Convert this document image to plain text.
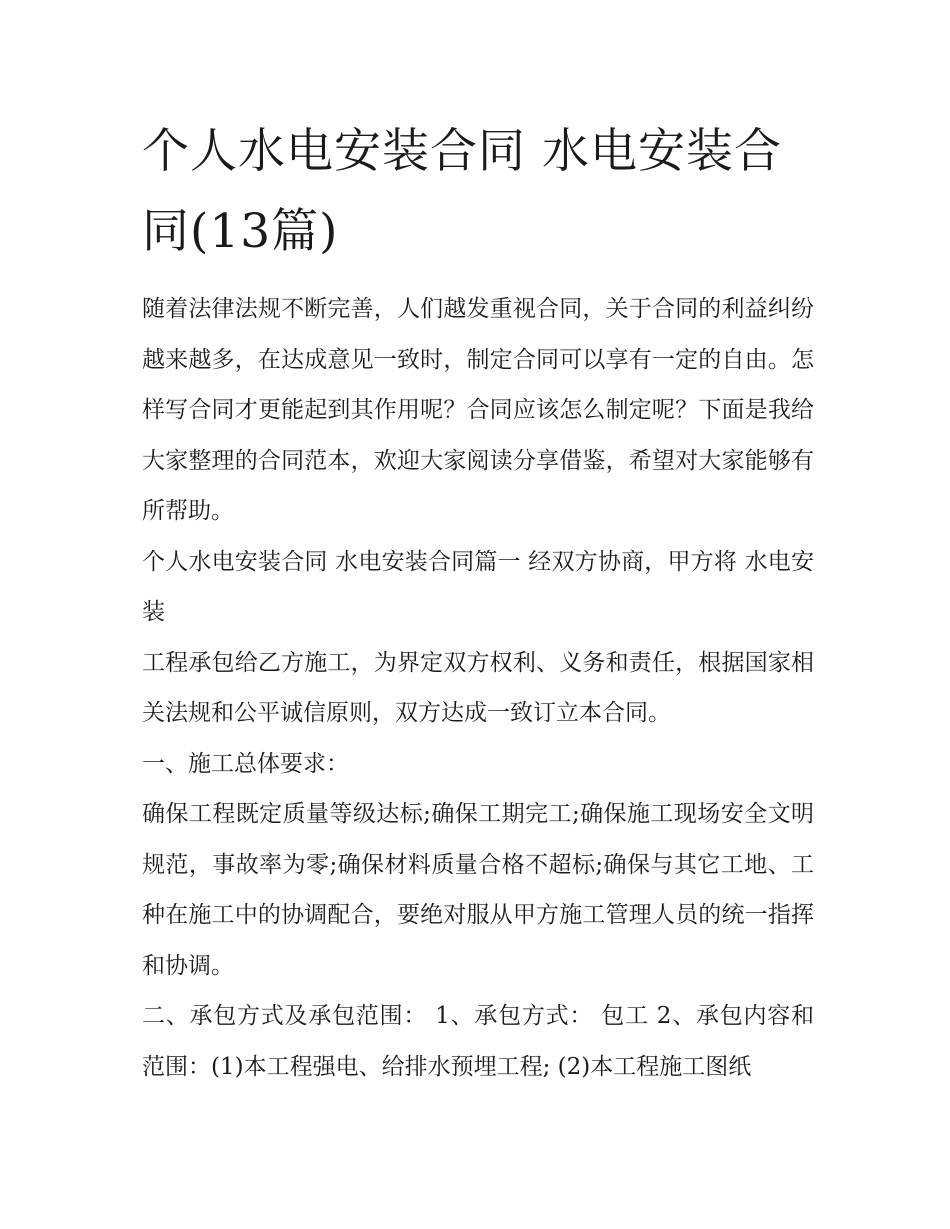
个人水电安装合同 水电安装合同(13篇)

随着法律法规不断完善，人们越发重视合同，关于合同的利益纠纷越来越多，在达成意见一致时，制定合同可以享有一定的自由。怎样写合同才更能起到其作用呢？合同应该怎么制定呢？下面是我给大家整理的合同范本，欢迎大家阅读分享借鉴，希望对大家能够有所帮助。

个人水电安装合同 水电安装合同篇一 经双方协商，甲方将 水电安装

工程承包给乙方施工，为界定双方权利、义务和责任，根据国家相关法规和公平诚信原则，双方达成一致订立本合同。

一、施工总体要求：

确保工程既定质量等级达标;确保工期完工;确保施工现场安全文明规范，事故率为零;确保材料质量合格不超标;确保与其它工地、工种在施工中的协调配合，要绝对服从甲方施工管理人员的统一指挥和协调。

二、承包方式及承包范围： 1、承包方式： 包工 2、承包内容和范围：(1)本工程强电、给排水预埋工程; (2)本工程施工图纸
